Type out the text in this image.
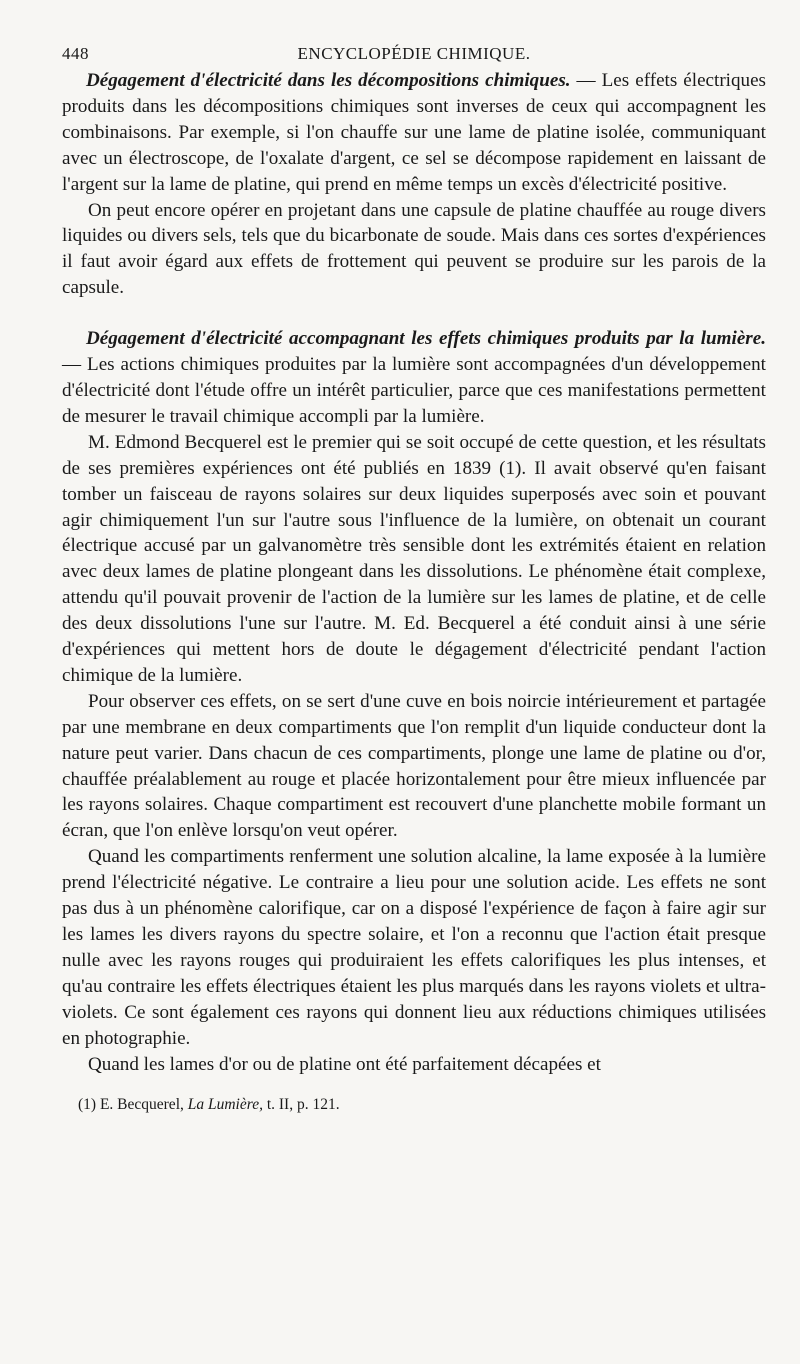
448	ENCYCLOPÉDIE CHIMIQUE.

Dégagement d'électricité dans les décompositions chimiques. — Les effets électriques produits dans les décompositions chimiques sont inverses de ceux qui accompagnent les combinaisons. Par exemple, si l'on chauffe sur une lame de platine isolée, communiquant avec un électroscope, de l'oxalate d'argent, ce sel se décompose rapidement en laissant de l'argent sur la lame de platine, qui prend en même temps un excès d'électricité positive.

On peut encore opérer en projetant dans une capsule de platine chauffée au rouge divers liquides ou divers sels, tels que du bicarbonate de soude. Mais dans ces sortes d'expériences il faut avoir égard aux effets de frottement qui peuvent se produire sur les parois de la capsule.

Dégagement d'électricité accompagnant les effets chimiques produits par la lumière. — Les actions chimiques produites par la lumière sont accompagnées d'un développement d'électricité dont l'étude offre un intérêt particulier, parce que ces manifestations permettent de mesurer le travail chimique accompli par la lumière.

M. Edmond Becquerel est le premier qui se soit occupé de cette question, et les résultats de ses premières expériences ont été publiés en 1839 (1). Il avait observé qu'en faisant tomber un faisceau de rayons solaires sur deux liquides superposés avec soin et pouvant agir chimiquement l'un sur l'autre sous l'influence de la lumière, on obtenait un courant électrique accusé par un galvanomètre très sensible dont les extrémités étaient en relation avec deux lames de platine plongeant dans les dissolutions. Le phénomène était complexe, attendu qu'il pouvait provenir de l'action de la lumière sur les lames de platine, et de celle des deux dissolutions l'une sur l'autre. M. Ed. Becquerel a été conduit ainsi à une série d'expériences qui mettent hors de doute le dégagement d'électricité pendant l'action chimique de la lumière.

Pour observer ces effets, on se sert d'une cuve en bois noircie intérieurement et partagée par une membrane en deux compartiments que l'on remplit d'un liquide conducteur dont la nature peut varier. Dans chacun de ces compartiments, plonge une lame de platine ou d'or, chauffée préalablement au rouge et placée horizontalement pour être mieux influencée par les rayons solaires. Chaque compartiment est recouvert d'une planchette mobile formant un écran, que l'on enlève lorsqu'on veut opérer.

Quand les compartiments renferment une solution alcaline, la lame exposée à la lumière prend l'électricité négative. Le contraire a lieu pour une solution acide. Les effets ne sont pas dus à un phénomène calorifique, car on a disposé l'expérience de façon à faire agir sur les lames les divers rayons du spectre solaire, et l'on a reconnu que l'action était presque nulle avec les rayons rouges qui produiraient les effets calorifiques les plus intenses, et qu'au contraire les effets électriques étaient les plus marqués dans les rayons violets et ultra-violets. Ce sont également ces rayons qui donnent lieu aux réductions chimiques utilisées en photographie.

Quand les lames d'or ou de platine ont été parfaitement décapées et

(1) E. Becquerel, La Lumière, t. II, p. 121.
